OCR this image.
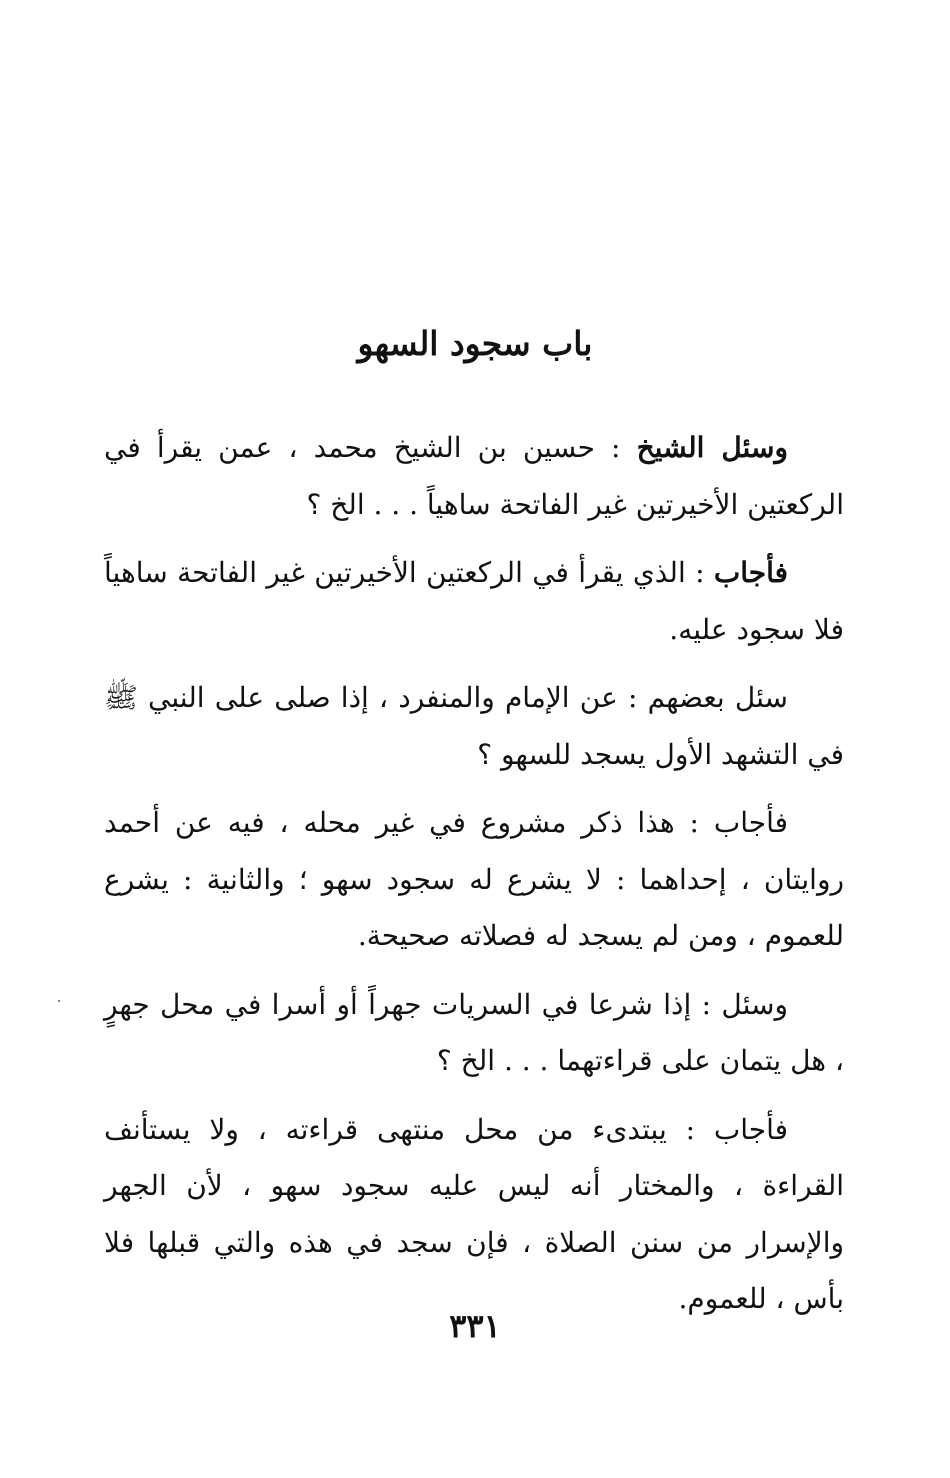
باب سجود السهو

وسئل الشيخ : حسين بن الشيخ محمد ، عمن يقرأ في الركعتين الأخيرتين غير الفاتحة ساهياً . . . الخ ؟

فأجاب : الذي يقرأ في الركعتين الأخيرتين غير الفاتحة ساهياً فلا سجود عليه.

سئل بعضهم : عن الإمام والمنفرد ، إذا صلى على النبي ﷺ في التشهد الأول يسجد للسهو ؟

فأجاب : هذا ذكر مشروع في غير محله ، فيه عن أحمد روايتان ، إحداهما : لا يشرع له سجود سهو ؛ والثانية : يشرع للعموم ، ومن لم يسجد له فصلاته صحيحة.

وسئل : إذا شرعا في السريات جهراً أو أسرا في محل جهرٍ ، هل يتمان على قراءتهما . . . الخ ؟

فأجاب : يبتدىء من محل منتهى قراءته ، ولا يستأنف القراءة ، والمختار أنه ليس عليه سجود سهو ، لأن الجهر والإسرار من سنن الصلاة ، فإن سجد في هذه والتي قبلها فلا بأس ، للعموم.

٣٣١
